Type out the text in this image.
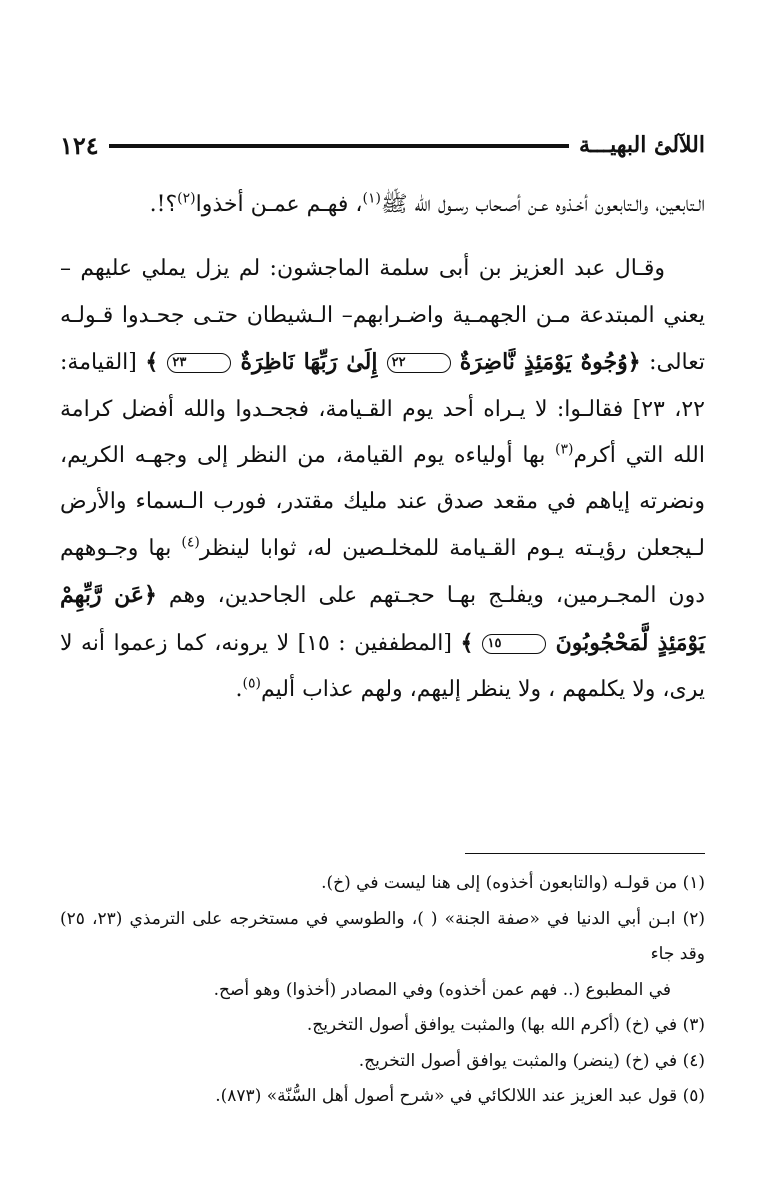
١٢٤	اللآلئ البهيـــة

الـتابعين، والـتابعون أخـذوه عـن أصـحاب رسـول الله ﷺ$^{(١)}$، فهـم عمـن أخذوا$^{(٢)}$؟!.

وقـال عبد العزيز بن أبى سلمة الماجشون: لم يزل يملي عليهم –يعني المبتدعة مـن الجهمـية واضـرابهم– الـشيطان حتـى جحـدوا قـولـه تعالى: ﴿وُجُوهٌ يَوْمَئِذٍ نَّاضِرَةٌ ٢٢ إِلَىٰ رَبِّهَا نَاظِرَةٌ ٢٣ ﴾ [القيامة: ٢٢، ٢٣] فقالـوا: لا يـراه أحد يوم القـيامة، فجحـدوا والله أفضل كرامة الله التي أكرم$^{(٣)}$ بها أولياءه يوم القيامة، من النظر إلى وجهـه الكريم، ونضرته إياهم في مقعد صدق عند مليك مقتدر، فورب الـسماء والأرض لـيجعلن رؤيـته يـوم القـيامة للمخلـصين له، ثوابا لينظر$^{(٤)}$ بها وجـوههم دون المجـرمين، ويفلـج بهـا حجـتهم على الجاحدين، وهم ﴿عَن رَّبِّهِمْ يَوْمَئِذٍ لَّمَحْجُوبُونَ ١٥ ﴾ [المطففين : ١٥] لا يرونه، كما زعموا أنه لا يرى، ولا يكلمهم ، ولا ينظر إليهم، ولهم عذاب أليم$^{(٥)}$.

(١) من قولـه (والتابعون أخذوه) إلى هنا ليست في (خ).

(٢) ابـن أبي الدنيا في «صفة الجنة» ( )، والطوسي في مستخرجه على الترمذي (٢٣، ٢٥) وقد جاء

في المطبوع (.. فهم عمن أخذوه) وفي المصادر (أخذوا) وهو أصح.

(٣) في (خ) (أكرم الله بها) والمثبت يوافق أصول التخريج.

(٤) في (خ) (ينضر) والمثبت يوافق أصول التخريج.

(٥) قول عبد العزيز عند اللالكائي في «شرح أصول أهل السُّنّة» (٨٧٣).
